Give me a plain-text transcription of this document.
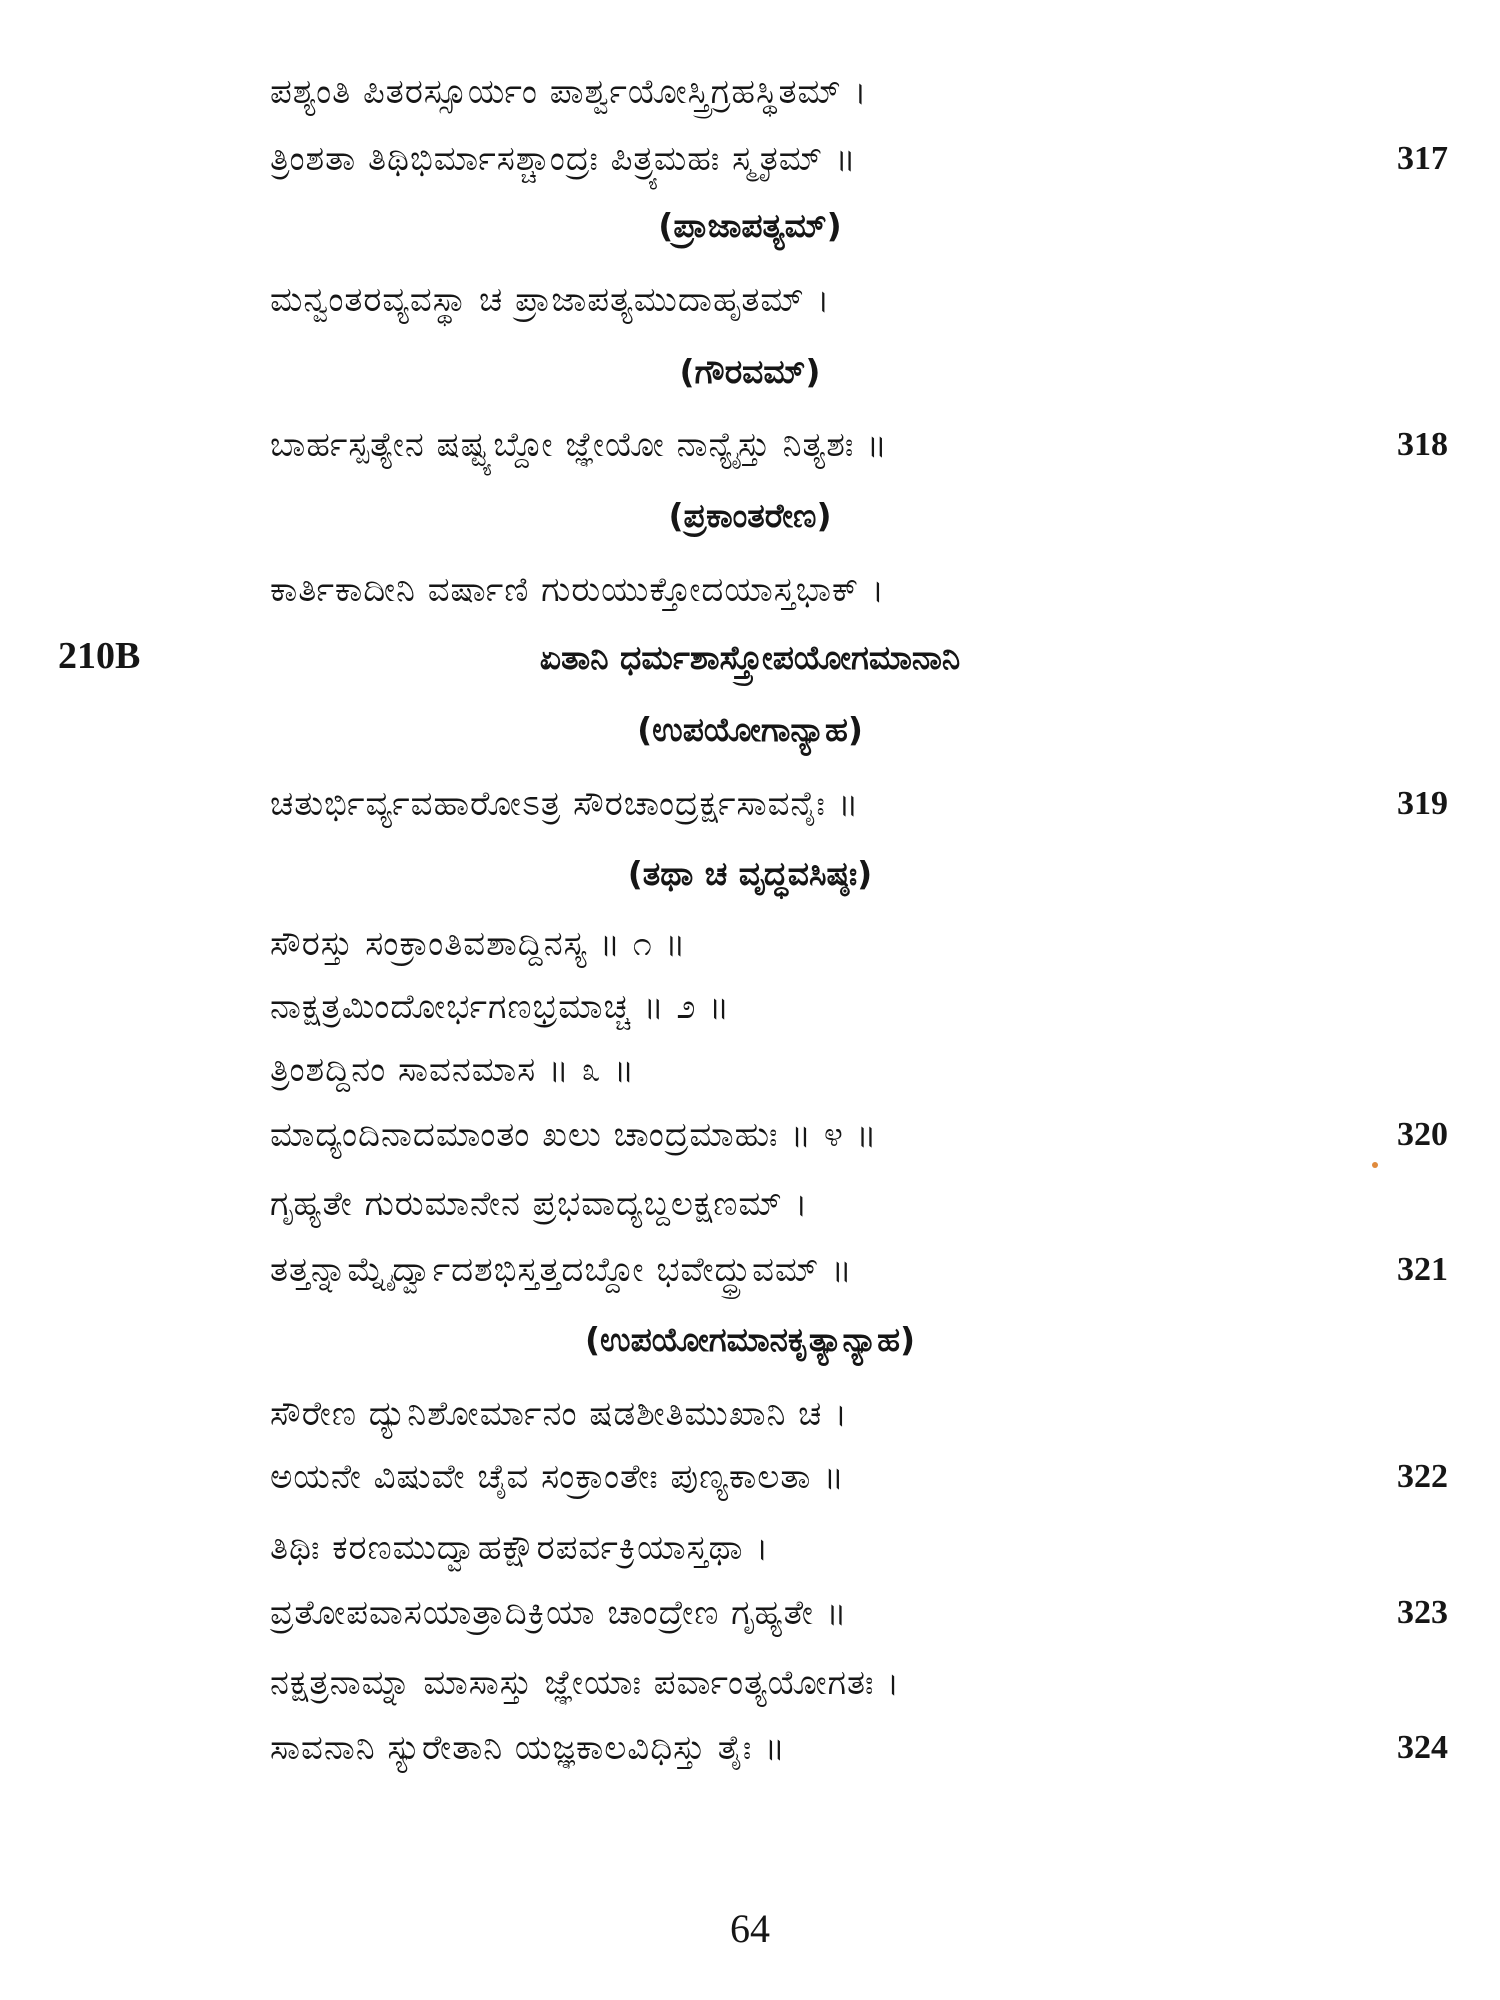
ಪಶ್ಯಂತಿ ಪಿತರಸ್ಸೂರ್ಯಂ ಪಾರ್ಶ್ವಯೋಸ್ತ್ರಿಗ್ರಹಸ್ಥಿತಮ್ ।
ತ್ರಿಂಶತಾ ತಿಥಿಭಿರ್ಮಾಸಶ್ಚಾಂದ್ರಃ ಪಿತ್ರ್ಯಮಹಃ ಸ್ಮೃತಮ್ ॥	317
(ಪ್ರಾಜಾಪತ್ಯಮ್)
ಮನ್ವಂತರವ್ಯವಸ್ಥಾ ಚ ಪ್ರಾಜಾಪತ್ಯಮುದಾಹೃತಮ್ ।
(ಗೌರವಮ್)
ಬಾರ್ಹಸ್ಪತ್ಯೇನ ಷಷ್ಟ್ಯಬ್ದೋ ಜ್ಞೇಯೋ ನಾನ್ಯೈಸ್ತು ನಿತ್ಯಶಃ ॥	318
(ಪ್ರಕಾಂತರೇಣ)
ಕಾರ್ತಿಕಾದೀನಿ ವರ್ಷಾಣಿ ಗುರುಯುಕ್ತೋದಯಾಸ್ತಭಾಕ್ ।
210B	ಏತಾನಿ ಧರ್ಮಶಾಸ್ತ್ರೋಪಯೋಗಮಾನಾನಿ
(ಉಪಯೋಗಾನ್ಯಾಹ)
ಚತುರ್ಭಿರ್ವ್ಯವಹಾರೋಽತ್ರ ಸೌರಚಾಂದ್ರರ್ಕ್ಷಸಾವನೈಃ ॥	319
(ತಥಾ ಚ ವೃದ್ಧವಸಿಷ್ಠಃ)
ಸೌರಸ್ತು ಸಂಕ್ರಾಂತಿವಶಾದ್ದಿನಸ್ಯ ॥ ೧ ॥
ನಾಕ್ಷತ್ರಮಿಂದೋರ್ಭಗಣಭ್ರಮಾಚ್ಚ ॥ ೨ ॥
ತ್ರಿಂಶದ್ದಿನಂ ಸಾವನಮಾಸ ॥ ೩ ॥
ಮಾದ್ಯಂದಿನಾದಮಾಂತಂ ಖಲು ಚಾಂದ್ರಮಾಹುಃ ॥ ೪ ॥	320
ಗೃಹ್ಯತೇ ಗುರುಮಾನೇನ ಪ್ರಭವಾದ್ಯಬ್ದಲಕ್ಷಣಮ್ ।
ತತ್ತನ್ನಾಮ್ನೈರ್ದ್ವಾದಶಭಿಸ್ತತ್ತದಬ್ದೋ ಭವೇದ್ಧ್ರುವಮ್ ॥	321
(ಉಪಯೋಗಮಾನಕೃತ್ಯಾನ್ಯಾಹ)
ಸೌರೇಣ ದ್ಯುನಿಶೋರ್ಮಾನಂ ಷಡಶೀತಿಮುಖಾನಿ ಚ ।
ಅಯನೇ ವಿಷುವೇ ಚೈವ ಸಂಕ್ರಾಂತೇಃ ಪುಣ್ಯಕಾಲತಾ ॥	322
ತಿಥಿಃ ಕರಣಮುದ್ವಾಹಕ್ಷೌರಪರ್ವಕ್ರಿಯಾಸ್ತಥಾ ।
ವ್ರತೋಪವಾಸಯಾತ್ರಾದಿಕ್ರಿಯಾ ಚಾಂದ್ರೇಣ ಗೃಹ್ಯತೇ ॥	323
ನಕ್ಷತ್ರನಾಮ್ನಾ ಮಾಸಾಸ್ತು ಜ್ಞೇಯಾಃ ಪರ್ವಾಂತ್ಯಯೋಗತಃ ।
ಸಾವನಾನಿ ಸ್ಯುರೇತಾನಿ ಯಜ್ಞಕಾಲವಿಧಿಸ್ತು ತೈಃ ॥	324
64
